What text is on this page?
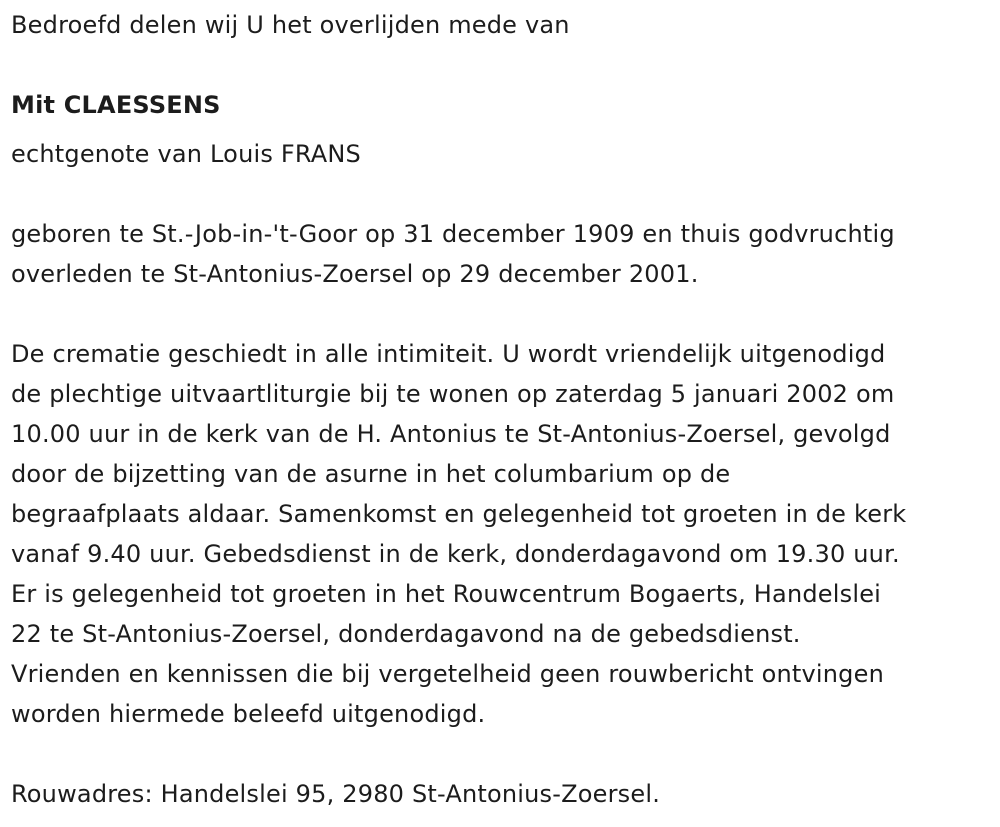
Bedroefd delen wij U het overlijden mede van
Mit CLAESSENS
echtgenote van Louis FRANS
geboren te St.-Job-in-'t-Goor op 31 december 1909 en thuis godvruchtig
overleden te St-Antonius-Zoersel op 29 december 2001.
De crematie geschiedt in alle intimiteit. U wordt vriendelijk uitgenodigd
de plechtige uitvaartliturgie bij te wonen op zaterdag 5 januari 2002 om
10.00 uur in de kerk van de H. Antonius te St-Antonius-Zoersel, gevolgd
door de bijzetting van de asurne in het columbarium op de
begraafplaats aldaar. Samenkomst en gelegenheid tot groeten in de kerk
vanaf 9.40 uur. Gebedsdienst in de kerk, donderdagavond om 19.30 uur.
Er is gelegenheid tot groeten in het Rouwcentrum Bogaerts, Handelslei
22 te St-Antonius-Zoersel, donderdagavond na de gebedsdienst.
Vrienden en kennissen die bij vergetelheid geen rouwbericht ontvingen
worden hiermede beleefd uitgenodigd.
Rouwadres: Handelslei 95, 2980 St-Antonius-Zoersel.
